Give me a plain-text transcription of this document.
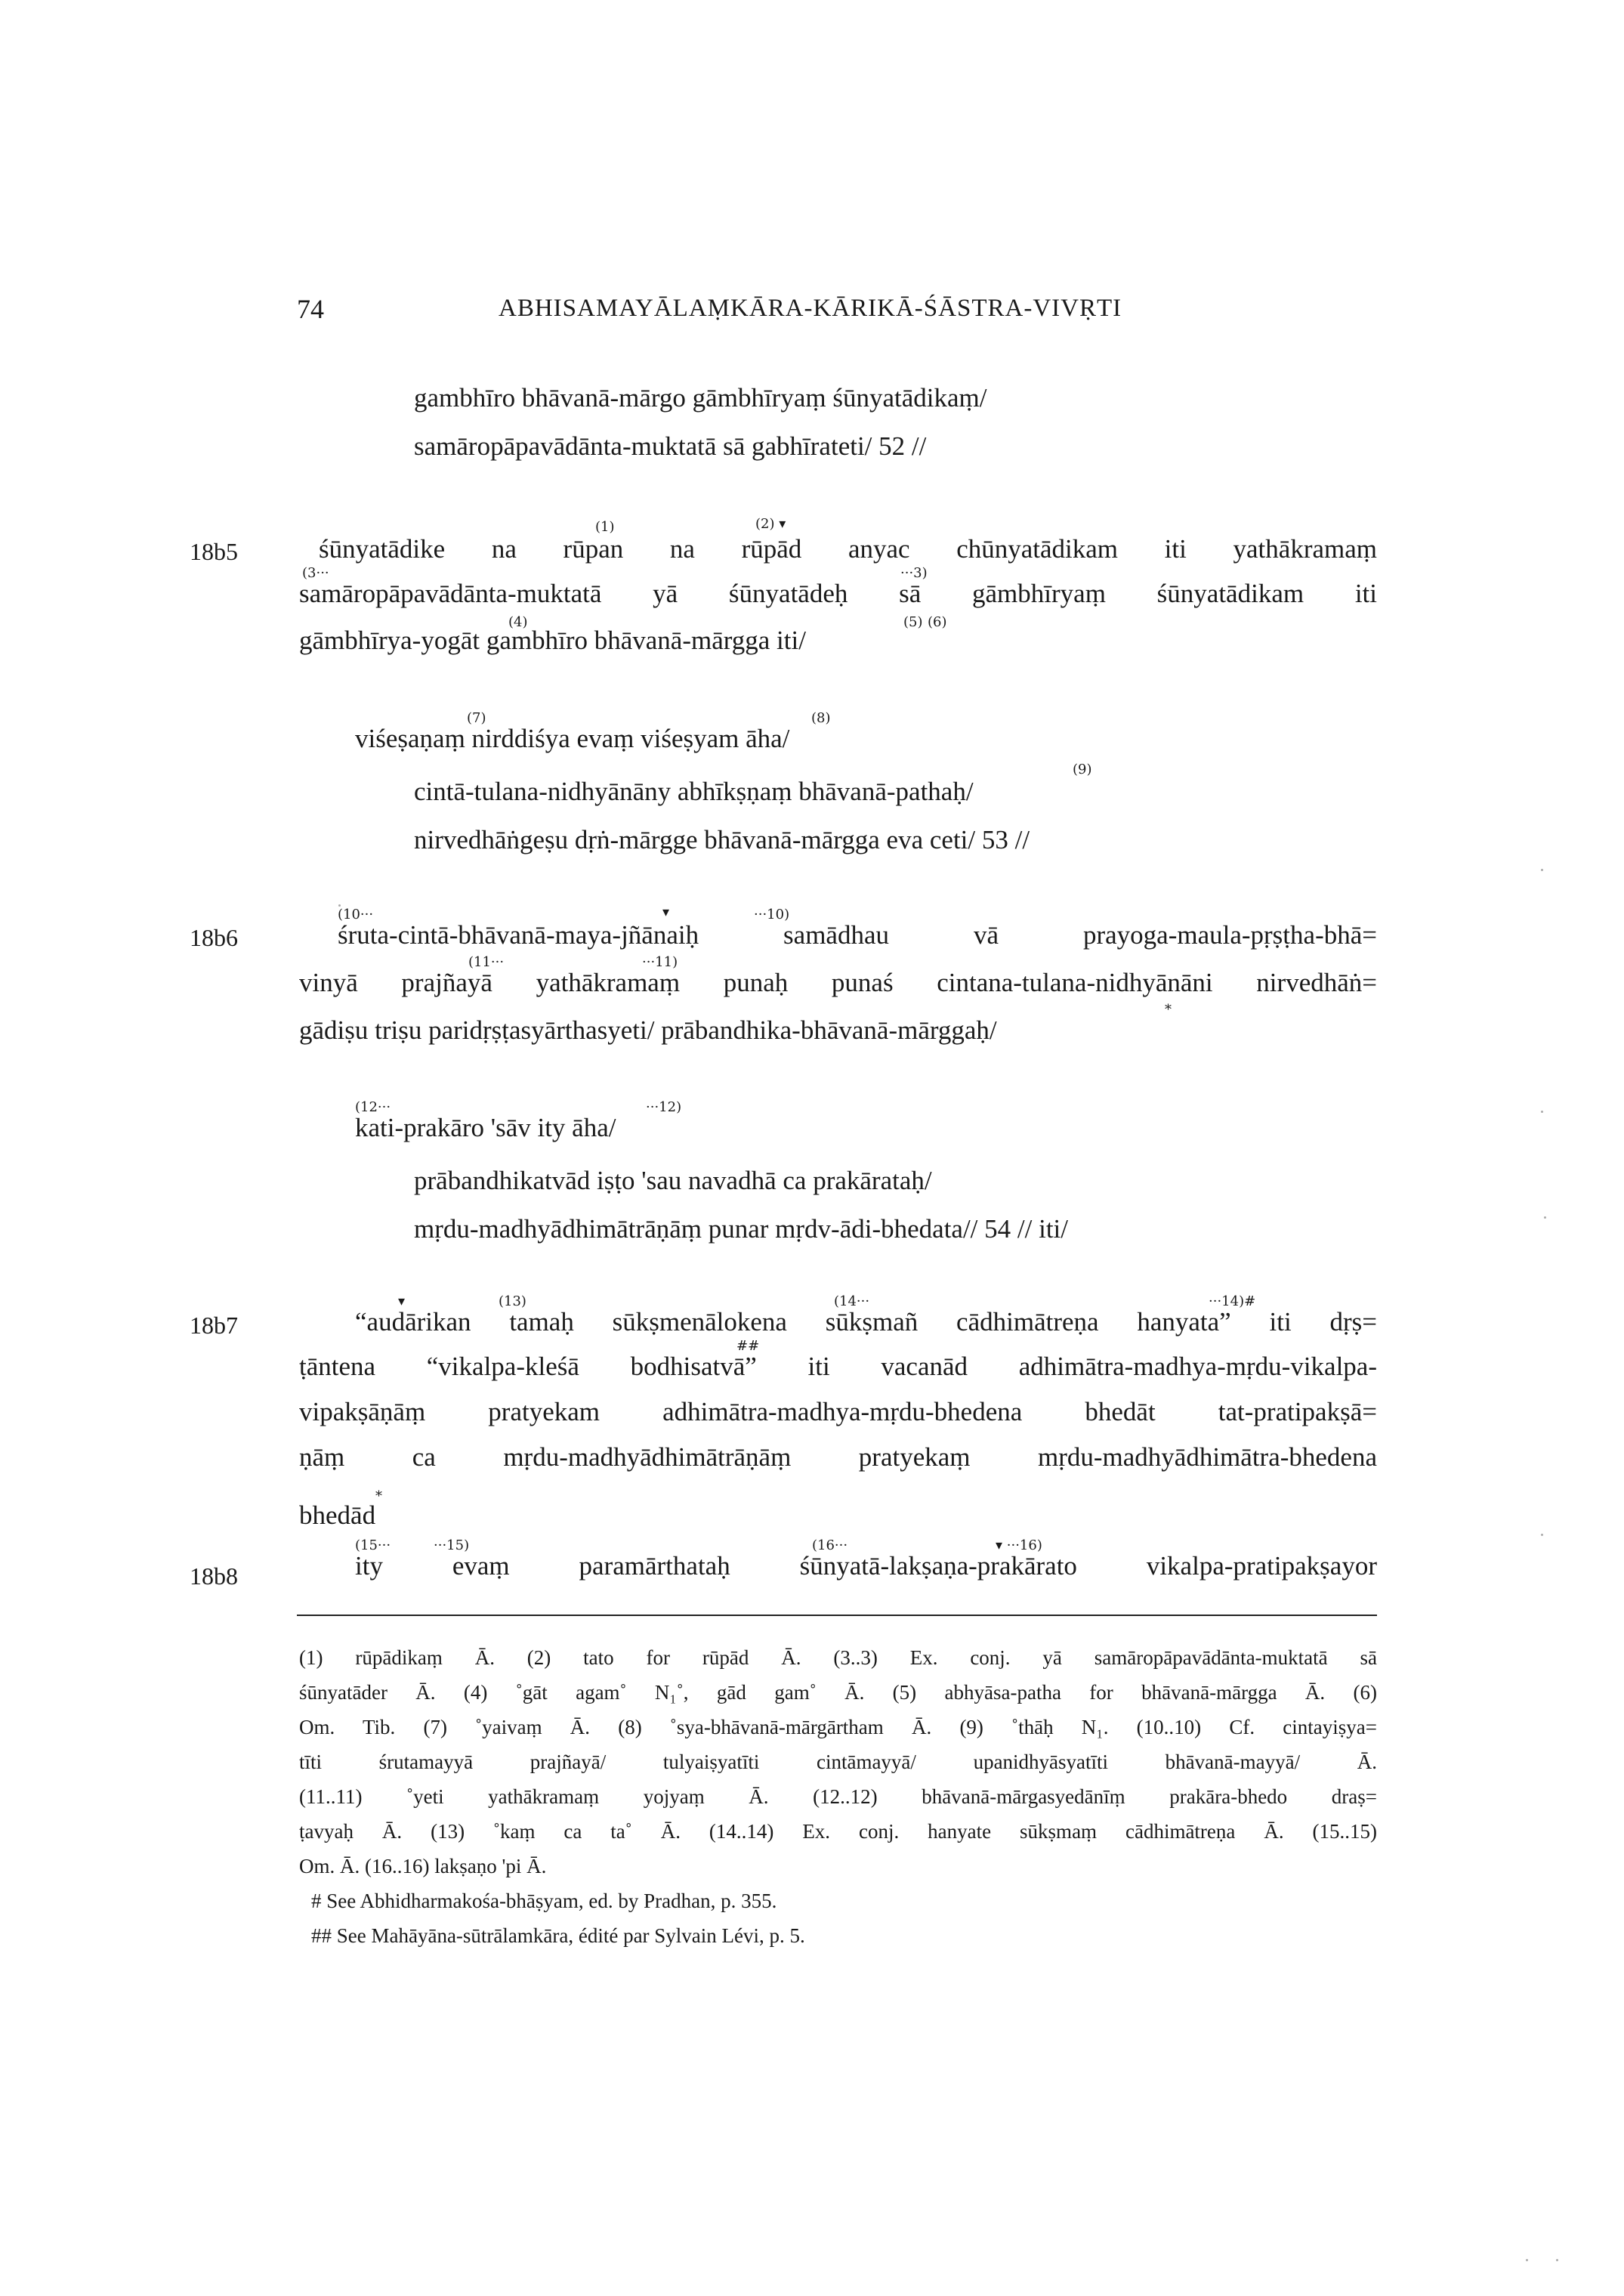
74	ABHISAMAYĀLAṂKĀRA-KĀRIKĀ-ŚĀSTRA-VIVṚTI
gambhīro bhāvanā-mārgo gāmbhīryaṃ śūnyatādikaṃ/
samāropāpavādānta-muktatā sā gabhīrateti/ 52 //
18b5
(1)	(2) ▾
śūnyatādike na rūpan na rūpād anyac chūnyatādikam iti yathākramaṃ
(3···	···3)
samāropāpavādānta-muktatā yā śūnyatādeḥ sā gāmbhīryaṃ śūnyatādikam iti
(4)	(5) (6)
gāmbhīrya-yogāt gambhīro bhāvanā-mārgga iti/
(7)	(8)
viśeṣaṇaṃ nirddiśya evaṃ viśeṣyam āha/
(9)
cintā-tulana-nidhyānāny abhīkṣṇaṃ bhāvanā-pathaḥ/
nirvedhāṅgeṣu dṛṅ-mārgge bhāvanā-mārgga eva ceti/ 53 //
18b6
(10···	▾	···10)
śruta-cintā-bhāvanā-maya-jñānaiḥ samādhau vā prayoga-maula-pṛṣṭha-bhā=
(11···	···11)
vinyā prajñayā yathākramaṃ punaḥ punaś cintana-tulana-nidhyānāni nirvedhāṅ=
*
gādiṣu triṣu paridṛṣṭasyārthasyeti/ prābandhika-bhāvanā-mārggaḥ/
(12···	···12)
kati-prakāro 'sāv ity āha/
prābandhikatvād iṣṭo 'sau navadhā ca prakārataḥ/
mṛdu-madhyādhimātrāṇāṃ punar mṛdv-ādi-bhedata// 54 // iti/
18b7
▾	(13)	(14···	···14)#
“audārikan tamaḥ sūkṣmenālokena sūkṣmañ cādhimātreṇa hanyata” iti dṛṣ=
##
ṭāntena “vikalpa-kleśā bodhisatvā” iti vacanād adhimātra-madhya-mṛdu-vikalpa-
vipakṣāṇāṃ pratyekam adhimātra-madhya-mṛdu-bhedena bhedāt tat-pratipakṣā=
ṇāṃ ca mṛdu-madhyādhimātrāṇāṃ pratyekaṃ mṛdu-madhyādhimātra-bhedena
*
bhedād
18b8
(15···	···15)	(16···	▾ ···16)
ity evaṃ paramārthataḥ śūnyatā-lakṣaṇa-prakārato vikalpa-pratipakṣayor
(1) rūpādikaṃ Ā. (2) tato for rūpād Ā. (3..3) Ex. conj. yā samāropāpavādānta-muktatā sā
śūnyatāder Ā. (4) ˚gāt agam˚ N₁˚, gād gam˚ Ā. (5) abhyāsa-patha for bhāvanā-mārgga Ā. (6)
Om. Tib. (7) ˚yaivaṃ Ā. (8) ˚sya-bhāvanā-mārgārtham Ā. (9) ˚thāḥ N₁. (10..10) Cf. cintayiṣya=
tīti śrutamayyā prajñayā/ tulyaiṣyatīti cintāmayyā/ upanidhyāsyatīti bhāvanā-mayyā/ Ā.
(11..11) ˚yeti yathākramaṃ yojyaṃ Ā. (12..12) bhāvanā-mārgasyedānīṃ prakāra-bhedo draṣ=
ṭavyaḥ Ā. (13) ˚kaṃ ca ta˚ Ā. (14..14) Ex. conj. hanyate sūkṣmaṃ cādhimātreṇa Ā. (15..15)
Om. Ā. (16..16) lakṣaṇo 'pi Ā.
# See Abhidharmakośa-bhāṣyam, ed. by Pradhan, p. 355.
## See Mahāyāna-sūtrālamkāra, édité par Sylvain Lévi, p. 5.
